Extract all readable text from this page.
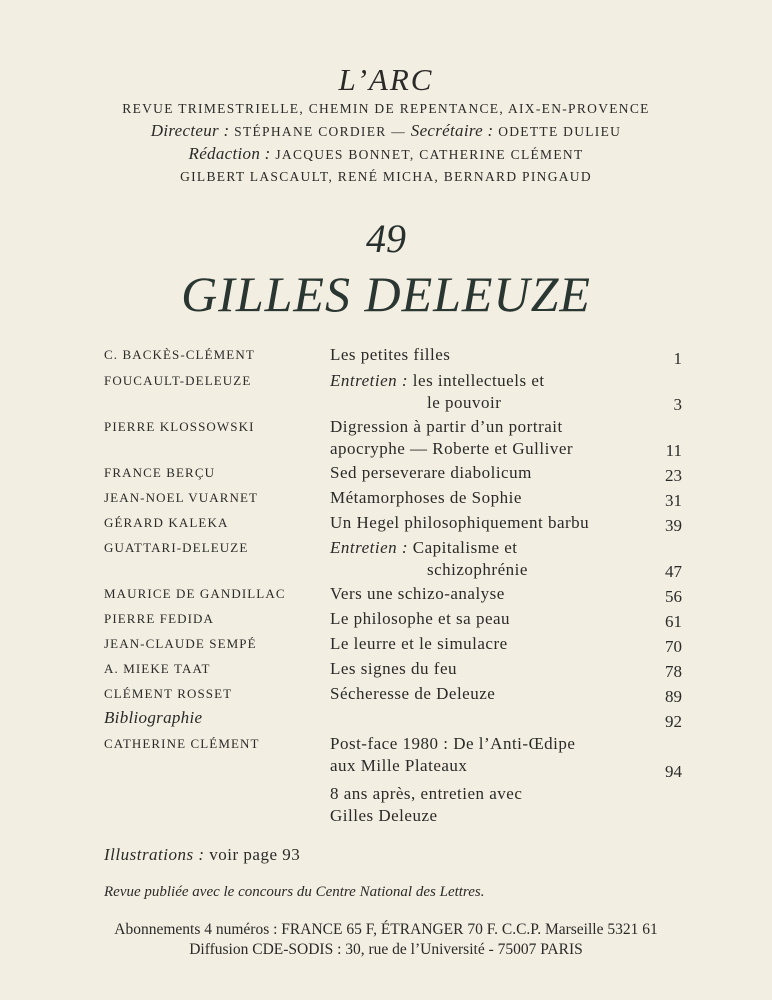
L’ARC
REVUE TRIMESTRIELLE, CHEMIN DE REPENTANCE, AIX-EN-PROVENCE
Directeur : STÉPHANE CORDIER — Secrétaire : ODETTE DULIEU
Rédaction : JACQUES BONNET, CATHERINE CLÉMENT
GILBERT LASCAULT, RENÉ MICHA, BERNARD PINGAUD
49
GILLES DELEUZE
C. BACKÈS-CLÉMENT	Les petites filles	1
FOUCAULT-DELEUZE	Entretien : les intellectuels et
le pouvoir	3
PIERRE KLOSSOWSKI	Digression à partir d’un portrait
apocryphe — Roberte et Gulliver	11
FRANCE BERÇU	Sed perseverare diabolicum	23
JEAN-NOEL VUARNET	Métamorphoses de Sophie	31
GÉRARD KALEKA	Un Hegel philosophiquement barbu	39
GUATTARI-DELEUZE	Entretien : Capitalisme et
schizophrénie	47
MAURICE DE GANDILLAC	Vers une schizo-analyse	56
PIERRE FEDIDA	Le philosophe et sa peau	61
JEAN-CLAUDE SEMPÉ	Le leurre et le simulacre	70
A. MIEKE TAAT	Les signes du feu	78
CLÉMENT ROSSET	Sécheresse de Deleuze	89
Bibliographie	92
CATHERINE CLÉMENT	Post-face 1980 : De l’Anti-Œdipe
aux Mille Plateaux	94
8 ans après, entretien avec
Gilles Deleuze
Illustrations : voir page 93
Revue publiée avec le concours du Centre National des Lettres.
Abonnements 4 numéros : FRANCE 65 F, ÉTRANGER 70 F. C.C.P. Marseille 5321 61
Diffusion CDE-SODIS : 30, rue de l’Université - 75007 PARIS
